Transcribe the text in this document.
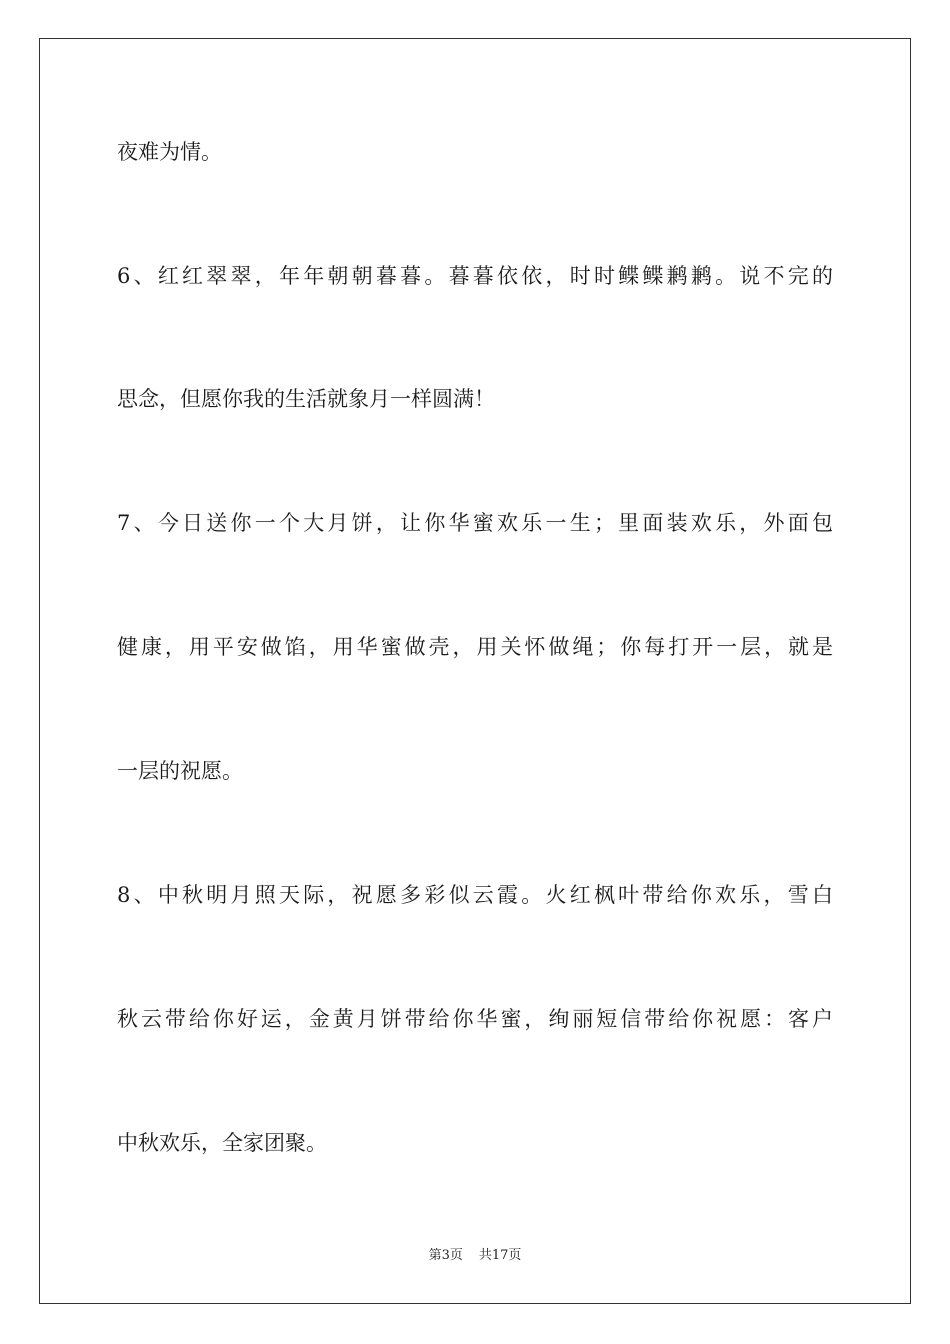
夜难为情。
6、红红翠翠，年年朝朝暮暮。暮暮依依，时时鲽鲽鹣鹣。说不完的
思念，但愿你我的生活就象月一样圆满！
7、今日送你一个大月饼，让你华蜜欢乐一生；里面装欢乐，外面包
健康，用平安做馅，用华蜜做壳，用关怀做绳；你每打开一层，就是
一层的祝愿。
8、中秋明月照天际，祝愿多彩似云霞。火红枫叶带给你欢乐，雪白
秋云带给你好运，金黄月饼带给你华蜜，绚丽短信带给你祝愿：客户
中秋欢乐，全家团聚。
第3页 共17页
